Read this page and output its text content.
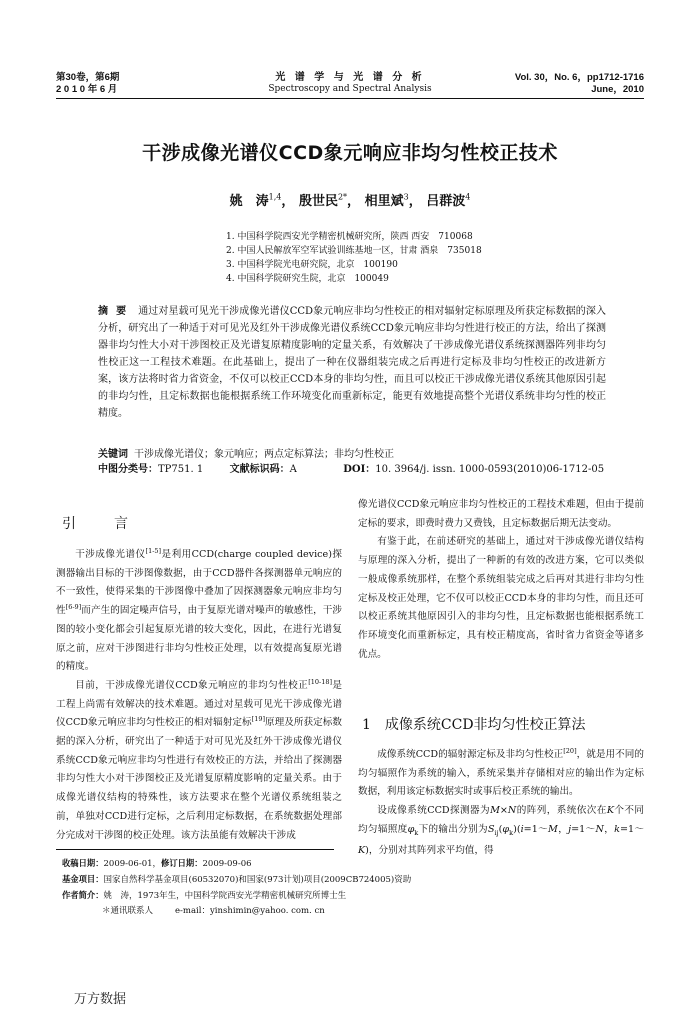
第30卷，第6期
2 0 1 0 年 6 月
光 谱 学 与 光 谱 分 析
Spectroscopy and Spectral Analysis
Vol. 30，No. 6，pp1712-1716
June，2010
干涉成像光谱仪CCD象元响应非均匀性校正技术
姚　涛$^{1,4}$， 殷世民$^{2*}$， 相里斌$^3$， 吕群波$^4$
1. 中国科学院西安光学精密机械研究所，陕西 西安　710068
2. 中国人民解放军空军试验训练基地一区，甘肃 酒泉　735018
3. 中国科学院光电研究院，北京　100190
4. 中国科学院研究生院，北京　100049
摘要 通过对星载可见光干涉成像光谱仪CCD象元响应非均匀性校正的相对辐射定标原理及所获定标数据的深入分析，研究出了一种适于对可见光及红外干涉成像光谱仪系统CCD象元响应非均匀性进行校正的方法，给出了探测器非均匀性大小对干涉图校正及光谱复原精度影响的定量关系，有效解决了干涉成像光谱仪系统探测器阵列非均匀性校正这一工程技术难题。在此基础上，提出了一种在仪器组装完成之后再进行定标及非均匀性校正的改进新方案，该方法将时省力省资金，不仅可以校正CCD本身的非均匀性，而且可以校正干涉成像光谱仪系统其他原因引起的非均匀性，且定标数据也能根据系统工作环境变化而重新标定，能更有效地提高整个光谱仪系统非均匀性的校正精度。
关键词 干涉成像光谱仪；象元响应；两点定标算法；非均匀性校正
中图分类号：TP751. 1	文献标识码：A	DOI：10. 3964/j. issn. 1000-0593(2010)06-1712-05
引　言

干涉成像光谱仪[1-5]是利用CCD(charge coupled device)探测器输出目标的干涉图像数据，由于CCD器件各探测器单元响应的不一致性，使得采集的干涉图像中叠加了因探测器象元响应非均匀性[6-9]而产生的固定噪声信号，由于复原光谱对噪声的敏感性，干涉图的较小变化都会引起复原光谱的较大变化，因此，在进行光谱复原之前，应对干涉图进行非均匀性校正处理，以有效提高复原光谱的精度。

目前，干涉成像光谱仪CCD象元响应的非均匀性校正[10-18]是工程上尚需有效解决的技术难题。通过对星载可见光干涉成像光谱仪CCD象元响应非均匀性校正的相对辐射定标[19]原理及所获定标数据的深入分析，研究出了一种适于对可见光及红外干涉成像光谱仪系统CCD象元响应非均匀性进行有效校正的方法，并给出了探测器非均匀性大小对干涉图校正及光谱复原精度影响的定量关系。由于成像光谱仪结构的特殊性，该方法要求在整个光谱仪系统组装之前，单独对CCD进行定标，之后利用定标数据，在系统数据处理部分完成对干涉图的校正处理。该方法虽能有效解决干涉成

像光谱仪CCD象元响应非均匀性校正的工程技术难题，但由于提前定标的要求，即费时费力又费钱，且定标数据后期无法变动。

有鉴于此，在前述研究的基础上，通过对干涉成像光谱仪结构与原理的深入分析，提出了一种新的有效的改进方案，它可以类似一般成像系统那样，在整个系统组装完成之后再对其进行非均匀性定标及校正处理，它不仅可以校正CCD本身的非均匀性，而且还可以校正系统其他原因引入的非均匀性，且定标数据也能根据系统工作环境变化而重新标定，具有校正精度高，省时省力省资金等诸多优点。

1　成像系统CCD非均匀性校正算法

成像系统CCD的辐射源定标及非均匀性校正[20]，就是用不同的均匀辐照作为系统的输入，系统采集并存储相对应的输出作为定标数据，利用该定标数据实时或事后校正系统的输出。

设成像系统CCD探测器为M×N的阵列，系统依次在K个不同均匀辐照度$\varphi_k$下的输出分别为$S_{ij}(\varphi_k)(i=1\sim M$，j=1～N，k=1～K)，分别对其阵列求平均值，得

收稿日期：2009-06-01，修订日期：2009-09-06
基金项目：国家自然科学基金项目(60532070)和国家(973计划)项目(2009CB724005)资助
作者简介：姚　涛，1973年生，中国科学院西安光学精密机械研究所博士生
＊通讯联系人	e-mail：yinshimin@yahoo. com. cn
万方数据
